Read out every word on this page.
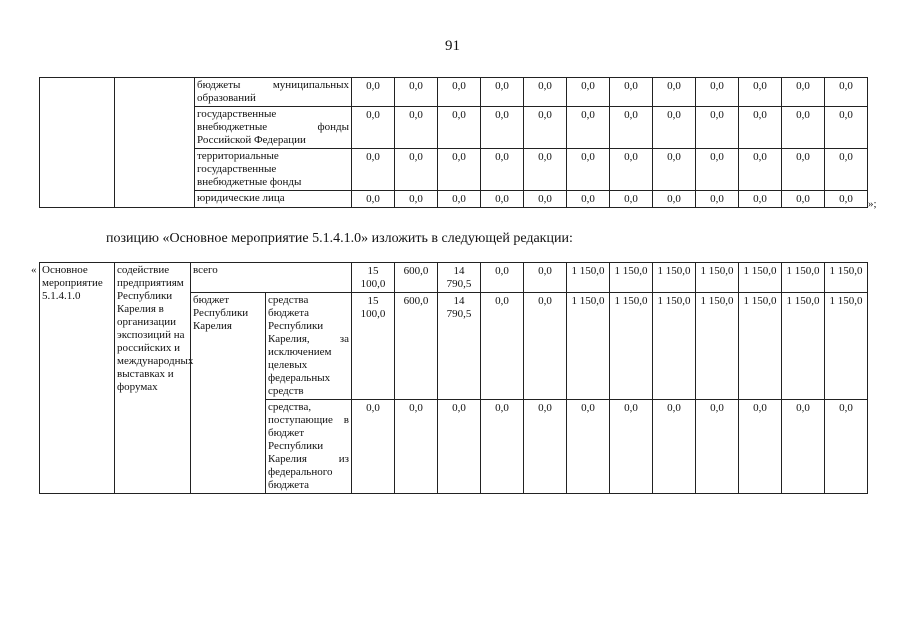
91
		бюджеты муниципальных образований	0,0	0,0	0,0	0,0	0,0	0,0	0,0	0,0	0,0	0,0	0,0	0,0
		государственные внебюджетные фонды Российской Федерации	0,0	0,0	0,0	0,0	0,0	0,0	0,0	0,0	0,0	0,0	0,0	0,0
		территориальные государственные внебюджетные фонды	0,0	0,0	0,0	0,0	0,0	0,0	0,0	0,0	0,0	0,0	0,0	0,0
		юридические лица	0,0	0,0	0,0	0,0	0,0	0,0	0,0	0,0	0,0	0,0	0,0	0,0 »;
позицию «Основное мероприятие 5.1.4.1.0» изложить в следующей редакции:
« Основное мероприятие 5.1.4.1.0	содействие предприятиям Республики Карелия в организации экспозиций на российских и международных выставках и форумах	всего		15 100,0	600,0	14 790,5	0,0	0,0	1 150,0	1 150,0	1 150,0	1 150,0	1 150,0	1 150,0	1 150,0
		бюджет Республики Карелия	средства бюджета Республики Карелия, за исключением целевых федеральных средств	15 100,0	600,0	14 790,5	0,0	0,0	1 150,0	1 150,0	1 150,0	1 150,0	1 150,0	1 150,0	1 150,0
			средства, поступающие в бюджет Республики Карелия из федерального бюджета	0,0	0,0	0,0	0,0	0,0	0,0	0,0	0,0	0,0	0,0	0,0	0,0
